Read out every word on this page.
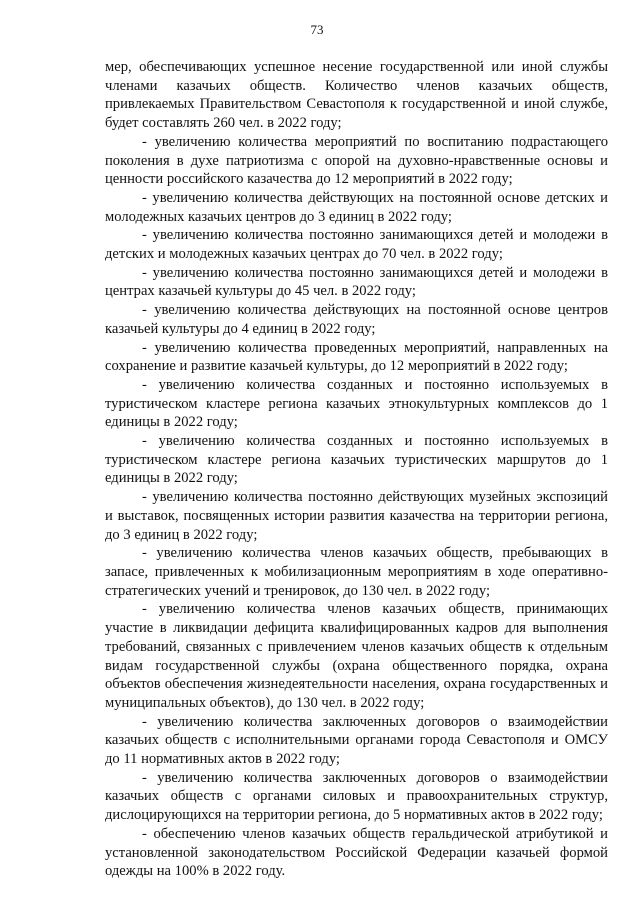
73

мер, обеспечивающих успешное несение государственной или иной службы членами казачьих обществ. Количество членов казачьих обществ, привлекаемых Правительством Севастополя к государственной и иной службе, будет составлять 260 чел. в 2022 году;

- увеличению количества мероприятий по воспитанию подрастающего поколения в духе патриотизма с опорой на духовно-нравственные основы и ценности российского казачества до 12 мероприятий в 2022 году;

- увеличению количества действующих на постоянной основе детских и молодежных казачьих центров до 3 единиц в 2022 году;

- увеличению количества постоянно занимающихся детей и молодежи в детских и молодежных казачьих центрах до 70 чел. в 2022 году;

- увеличению количества постоянно занимающихся детей и молодежи в центрах казачьей культуры до 45 чел. в 2022 году;

- увеличению количества действующих на постоянной основе центров казачьей культуры до 4 единиц в 2022 году;

- увеличению количества проведенных мероприятий, направленных на сохранение и развитие казачьей культуры, до 12 мероприятий в 2022 году;

- увеличению количества созданных и постоянно используемых в туристическом кластере региона казачьих этнокультурных комплексов до 1 единицы в 2022 году;

- увеличению количества созданных и постоянно используемых в туристическом кластере региона казачьих туристических маршрутов до 1 единицы в 2022 году;

- увеличению количества постоянно действующих музейных экспозиций и выставок, посвященных истории развития казачества на территории региона, до 3 единиц в 2022 году;

- увеличению количества членов казачьих обществ, пребывающих в запасе, привлеченных к мобилизационным мероприятиям в ходе оперативно-стратегических учений и тренировок, до 130 чел. в 2022 году;

- увеличению количества членов казачьих обществ, принимающих участие в ликвидации дефицита квалифицированных кадров для выполнения требований, связанных с привлечением членов казачьих обществ к отдельным видам государственной службы (охрана общественного порядка, охрана объектов обеспечения жизнедеятельности населения, охрана государственных и муниципальных объектов), до 130 чел. в 2022 году;

- увеличению количества заключенных договоров о взаимодействии казачьих обществ с исполнительными органами города Севастополя и ОМСУ до 11 нормативных актов в 2022 году;

- увеличению количества заключенных договоров о взаимодействии казачьих обществ с органами силовых и правоохранительных структур, дислоцирующихся на территории региона, до 5 нормативных актов в 2022 году;

- обеспечению членов казачьих обществ геральдической атрибутикой и установленной законодательством Российской Федерации казачьей формой одежды на 100% в 2022 году.
